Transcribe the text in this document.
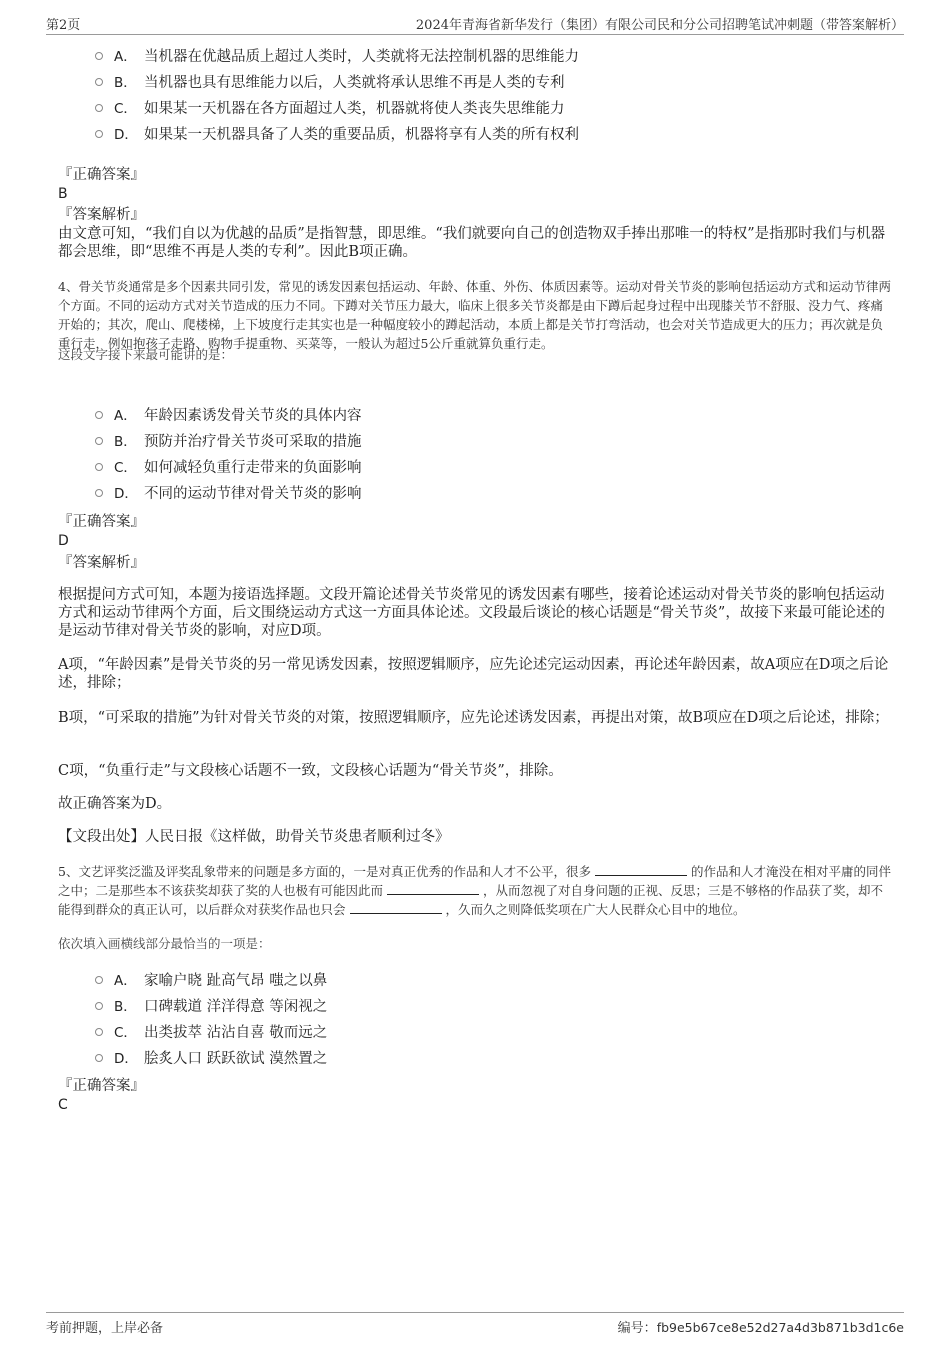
第2页	2024年青海省新华发行（集团）有限公司民和分公司招聘笔试冲刺题（带答案解析）
A． 当机器在优越品质上超过人类时，人类就将无法控制机器的思维能力
B． 当机器也具有思维能力以后，人类就将承认思维不再是人类的专利
C． 如果某一天机器在各方面超过人类，机器就将使人类丧失思维能力
D． 如果某一天机器具备了人类的重要品质，机器将享有人类的所有权利
『正确答案』
B
『答案解析』
由文意可知，“我们自以为优越的品质”是指智慧，即思维。“我们就要向自己的创造物双手捧出那唯一的特权”是指那时我们与机器都会思维，即“思维不再是人类的专利”。因此B项正确。
4、骨关节炎通常是多个因素共同引发，常见的诱发因素包括运动、年龄、体重、外伤、体质因素等。运动对骨关节炎的影响包括运动方式和运动节律两个方面。不同的运动方式对关节造成的压力不同。下蹲对关节压力最大，临床上很多关节炎都是由下蹲后起身过程中出现膝关节不舒服、没力气、疼痛开始的；其次，爬山、爬楼梯，上下坡度行走其实也是一种幅度较小的蹲起活动，本质上都是关节打弯活动，也会对关节造成更大的压力；再次就是负重行走，例如抱孩子走路、购物手提重物、买菜等，一般认为超过5公斤重就算负重行走。
这段文字接下来最可能讲的是：
A． 年龄因素诱发骨关节炎的具体内容
B． 预防并治疗骨关节炎可采取的措施
C． 如何减轻负重行走带来的负面影响
D． 不同的运动节律对骨关节炎的影响
『正确答案』
D
『答案解析』
根据提问方式可知，本题为接语选择题。文段开篇论述骨关节炎常见的诱发因素有哪些，接着论述运动对骨关节炎的影响包括运动方式和运动节律两个方面，后文围绕运动方式这一方面具体论述。文段最后谈论的核心话题是“骨关节炎”，故接下来最可能论述的是运动节律对骨关节炎的影响，对应D项。
A项，“年龄因素”是骨关节炎的另一常见诱发因素，按照逻辑顺序，应先论述完运动因素，再论述年龄因素，故A项应在D项之后论述，排除；
B项，“可采取的措施”为针对骨关节炎的对策，按照逻辑顺序，应先论述诱发因素，再提出对策，故B项应在D项之后论述，排除；
C项，“负重行走”与文段核心话题不一致，文段核心话题为“骨关节炎”，排除。
故正确答案为D。
【文段出处】人民日报《这样做，助骨关节炎患者顺利过冬》
5、文艺评奖泛滥及评奖乱象带来的问题是多方面的，一是对真正优秀的作品和人才不公平，很多	的作品和人才淹没在相对平庸的同伴之中；二是那些本不该获奖却获了奖的人也极有可能因此而	，从而忽视了对自身问题的正视、反思；三是不够格的作品获了奖，却不能得到群众的真正认可，以后群众对获奖作品也只会	，久而久之则降低奖项在广大人民群众心目中的地位。
依次填入画横线部分最恰当的一项是：
A． 家喻户晓 趾高气昂 嗤之以鼻
B． 口碑载道 洋洋得意 等闲视之
C． 出类拔萃 沾沾自喜 敬而远之
D． 脍炙人口 跃跃欲试 漠然置之
『正确答案』
C
考前押题，上岸必备	编号：fb9e5b67ce8e52d27a4d3b871b3d1c6e
